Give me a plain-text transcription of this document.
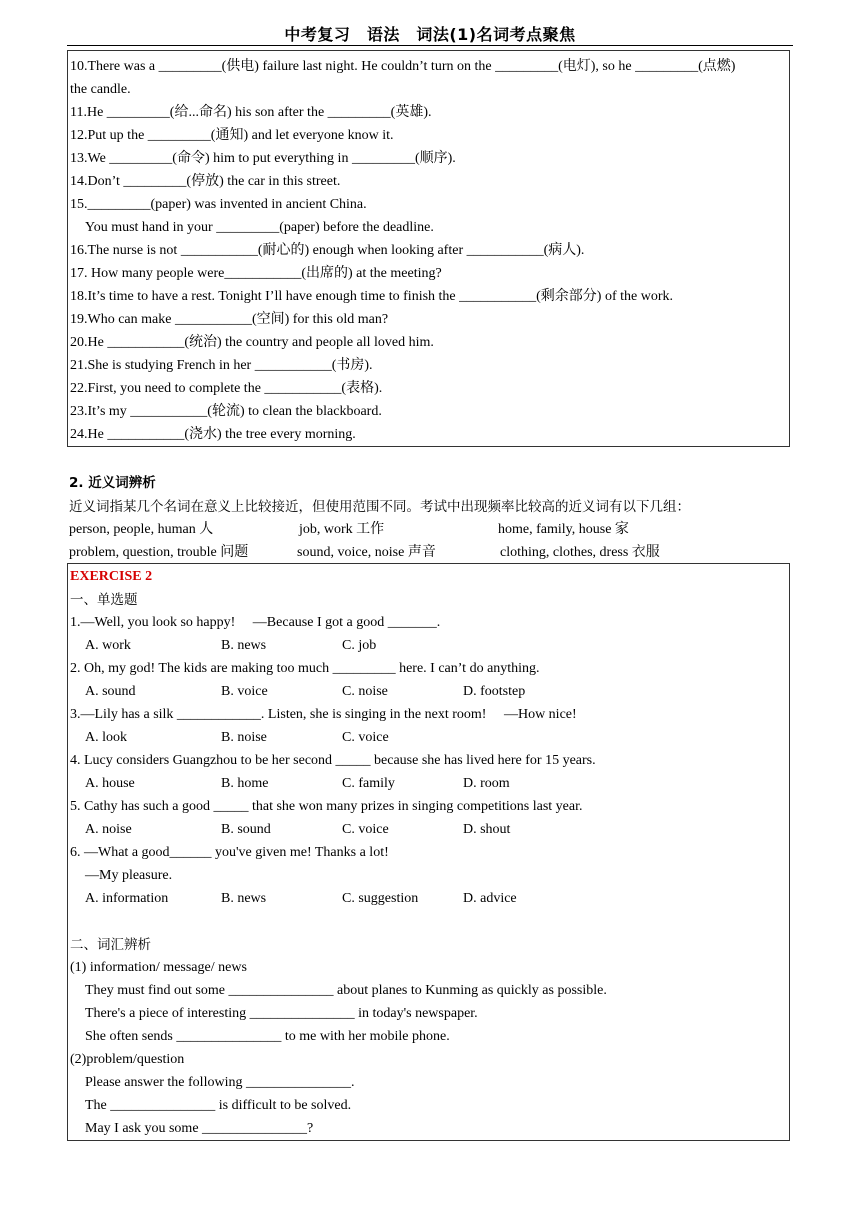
中考复习　语法　词法(1)名词考点聚焦
10.There was a _________(供电) failure last night. He couldn’t turn on the _________(电灯), so he _________(点燃)
the candle.
11.He _________(给...命名) his son after the _________(英雄).
12.Put up the _________(通知) and let everyone know it.
13.We _________(命令) him to put everything in _________(顺序).
14.Don’t _________(停放) the car in this street.
15._________(paper) was invented in ancient China.
You must hand in your _________(paper) before the deadline.
16.The nurse is not ___________(耐心的) enough when looking after ___________(病人).
17. How many people were___________(出席的) at the meeting?
18.It’s time to have a rest. Tonight I’ll have enough time to finish the ___________(剩余部分) of the work.
19.Who can make ___________(空间) for this old man?
20.He ___________(统治) the country and people all loved him.
21.She is studying French in her ___________(书房).
22.First, you need to complete the ___________(表格).
23.It’s my ___________(轮流) to clean the blackboard.
24.He ___________(浇水) the tree every morning.
2. 近义词辨析
近义词指某几个名词在意义上比较接近，但使用范围不同。考试中出现频率比较高的近义词有以下几组：
person, people, human 人	job, work 工作	home, family, house 家
problem, question, trouble 问题	sound, voice, noise 声音	clothing, clothes, dress 衣服
EXERCISE 2
一、单选题
1.—Well, you look so happy!　 —Because I got a good _______.
A. work	B. news	C. job
2. Oh, my god! The kids are making too much _________ here. I can’t do anything.
A. sound	B. voice	C. noise	D. footstep
3.—Lily has a silk ____________. Listen, she is singing in the next room!　 —How nice!
A. look	B. noise	C. voice
4. Lucy considers Guangzhou to be her second _____ because she has lived here for 15 years.
A. house	B. home	C. family	D. room
5. Cathy has such a good _____ that she won many prizes in singing competitions last year.
A. noise	B. sound	C. voice	D. shout
6. —What a good______ you've given me! Thanks a lot!
—My pleasure.
A. information	B. news	C. suggestion	D. advice
二、词汇辨析
(1) information/ message/ news
They must find out some _______________ about planes to Kunming as quickly as possible.
There's a piece of interesting _______________ in today's newspaper.
She often sends _______________ to me with her mobile phone.
(2)problem/question
Please answer the following _______________.
The _______________ is difficult to be solved.
May I ask you some _______________?
